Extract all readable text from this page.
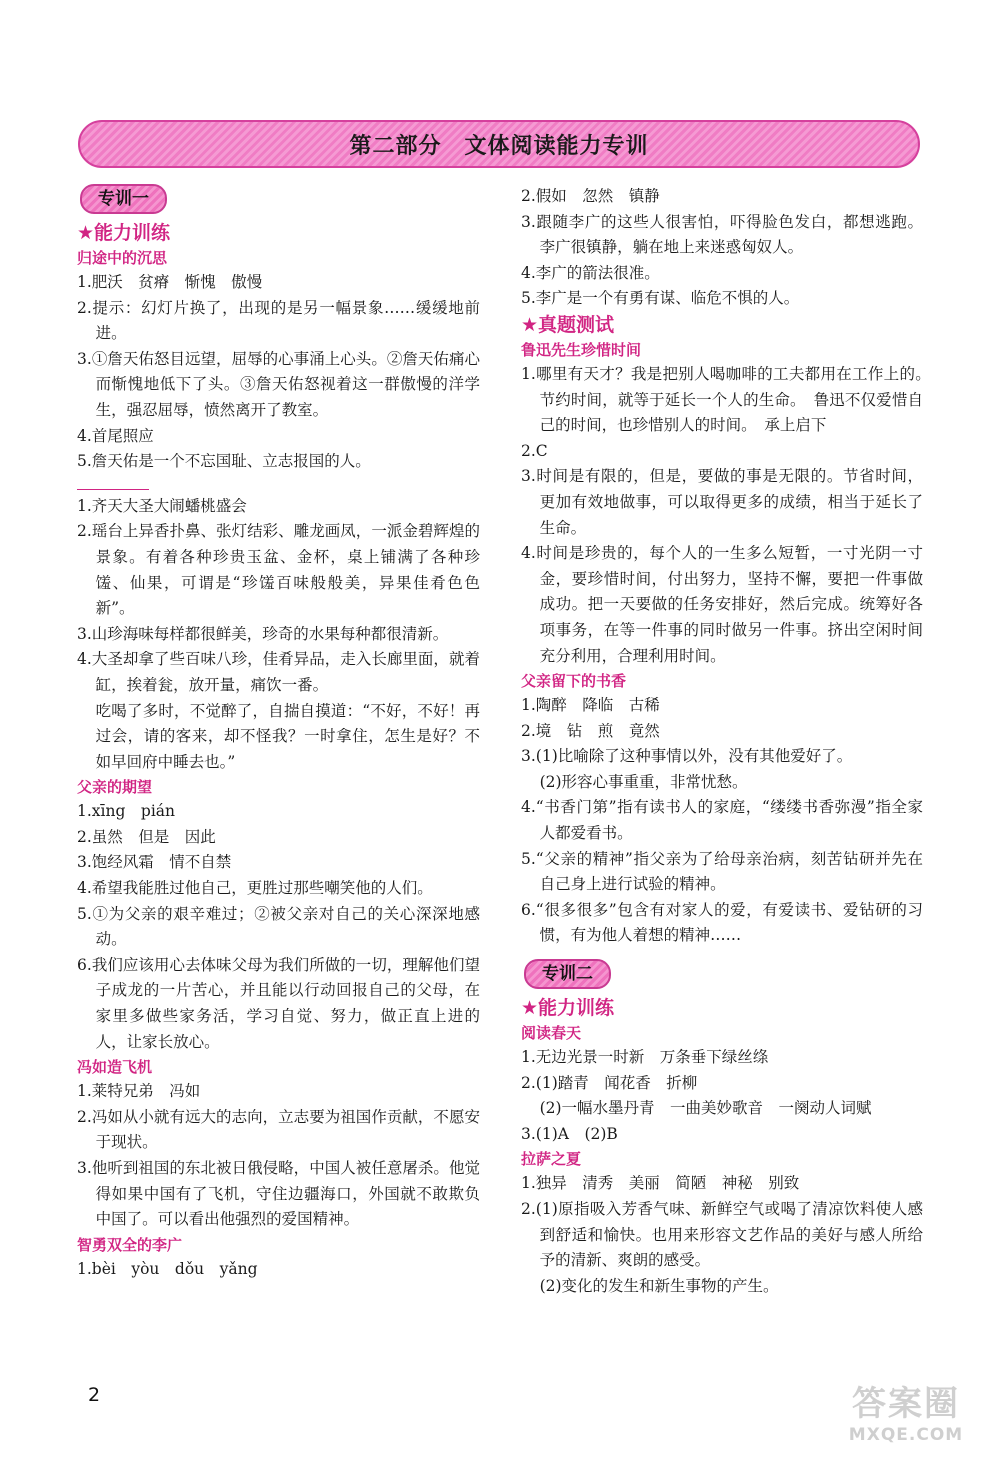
第二部分　文体阅读能力专训
专训一
★能力训练
归途中的沉思
1.肥沃　贫瘠　惭愧　傲慢
2.提示：幻灯片换了，出现的是另一幅景象……缓缓地前进。
3.①詹天佑怒目远望，屈辱的心事涌上心头。②詹天佑痛心而惭愧地低下了头。③詹天佑怒视着这一群傲慢的洋学生，强忍屈辱，愤然离开了教室。
4.首尾照应
5.詹天佑是一个不忘国耻、立志报国的人。
1.齐天大圣大闹蟠桃盛会
2.瑶台上异香扑鼻、张灯结彩、雕龙画凤，一派金碧辉煌的景象。有着各种珍贵玉盆、金杯，桌上铺满了各种珍馐、仙果，可谓是“珍馐百味般般美，异果佳肴色色新”。
3.山珍海味每样都很鲜美，珍奇的水果每种都很清新。
4.大圣却拿了些百味八珍，佳肴异品，走入长廊里面，就着缸，挨着瓮，放开量，痛饮一番。
吃喝了多时，不觉醉了，自揣自摸道：“不好，不好！再过会，请的客来，却不怪我？一时拿住，怎生是好？不如早回府中睡去也。”
父亲的期望
1.xīng　pián
2.虽然　但是　因此
3.饱经风霜　情不自禁
4.希望我能胜过他自己，更胜过那些嘲笑他的人们。
5.①为父亲的艰辛难过；②被父亲对自己的关心深深地感动。
6.我们应该用心去体味父母为我们所做的一切，理解他们望子成龙的一片苦心，并且能以行动回报自己的父母，在家里多做些家务活，学习自觉、努力，做正直上进的人，让家长放心。
冯如造飞机
1.莱特兄弟　冯如
2.冯如从小就有远大的志向，立志要为祖国作贡献，不愿安于现状。
3.他听到祖国的东北被日俄侵略，中国人被任意屠杀。他觉得如果中国有了飞机，守住边疆海口，外国就不敢欺负中国了。可以看出他强烈的爱国精神。
智勇双全的李广
1.bèi　yòu　dǒu　yǎng
2.假如　忽然　镇静
3.跟随李广的这些人很害怕，吓得脸色发白，都想逃跑。李广很镇静，躺在地上来迷惑匈奴人。
4.李广的箭法很准。
5.李广是一个有勇有谋、临危不惧的人。
★真题测试
鲁迅先生珍惜时间
1.哪里有天才？我是把别人喝咖啡的工夫都用在工作上的。　节约时间，就等于延长一个人的生命。　鲁迅不仅爱惜自己的时间，也珍惜别人的时间。　承上启下
2.C
3.时间是有限的，但是，要做的事是无限的。节省时间，更加有效地做事，可以取得更多的成绩，相当于延长了生命。
4.时间是珍贵的，每个人的一生多么短暂，一寸光阴一寸金，要珍惜时间，付出努力，坚持不懈，要把一件事做成功。把一天要做的任务安排好，然后完成。统筹好各项事务，在等一件事的同时做另一件事。挤出空闲时间充分利用，合理利用时间。
父亲留下的书香
1.陶醉　降临　古稀
2.境　钻　煎　竟然
3.(1)比喻除了这种事情以外，没有其他爱好了。
(2)形容心事重重，非常忧愁。
4.“书香门第”指有读书人的家庭，“缕缕书香弥漫”指全家人都爱看书。
5.“父亲的精神”指父亲为了给母亲治病，刻苦钻研并先在自己身上进行试验的精神。
6.“很多很多”包含有对家人的爱，有爱读书、爱钻研的习惯，有为他人着想的精神……
专训二
★能力训练
阅读春天
1.无边光景一时新　万条垂下绿丝绦
2.(1)踏青　闻花香　折柳
(2)一幅水墨丹青　一曲美妙歌音　一阕动人词赋
3.(1)A　(2)B
拉萨之夏
1.独异　清秀　美丽　简陋　神秘　别致
2.(1)原指吸入芳香气味、新鲜空气或喝了清凉饮料使人感到舒适和愉快。也用来形容文艺作品的美好与感人所给予的清新、爽朗的感受。
(2)变化的发生和新生事物的产生。
2	答案圈
MXQE.COM
